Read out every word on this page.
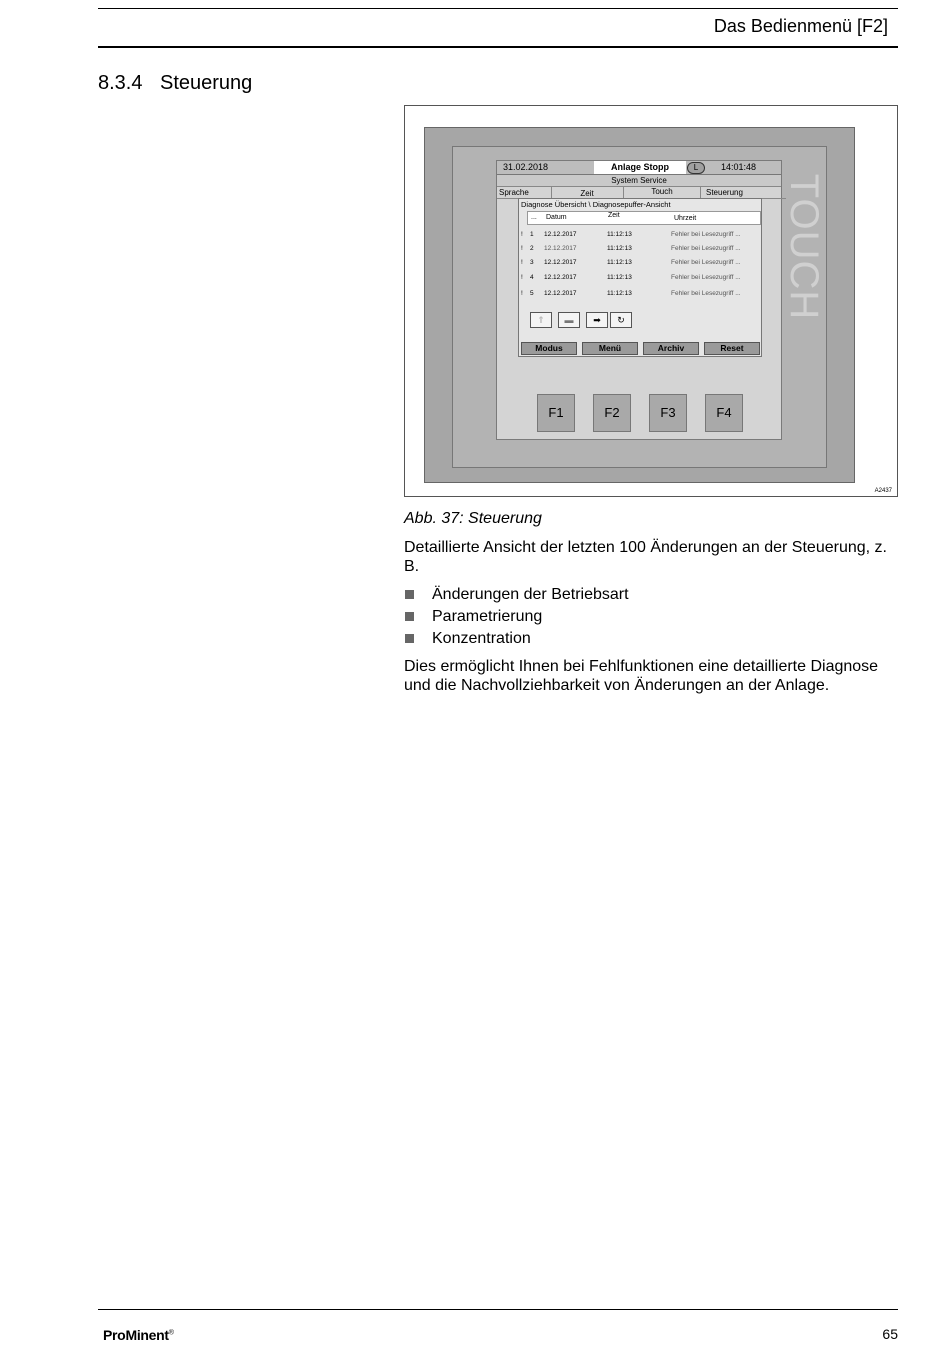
Das Bedienmenü [F2]
8.3.4 Steuerung
31.02.2018	Anlage Stopp	L	14:01:48
System Service
Sprache	Zeit	Touch	Steuerung
Diagnose Übersicht \ Diagnosepuffer-Ansicht
... Datum	Zeit	Uhrzeit
! 1 12.12.2017	11:12:13	Fehler bei Lesezugriff ...
! 2 12.12.2017	11:12:13	Fehler bei Lesezugriff ...
! 3 12.12.2017	11:12:13	Fehler bei Lesezugriff ...
! 4 12.12.2017	11:12:13	Fehler bei Lesezugriff ...
! 5 12.12.2017	11:12:13	Fehler bei Lesezugriff ...
⇑	▬	➡	↻
Modus	Menü	Archiv	Reset
F1	F2	F3	F4
TOUCH
A2437
Abb. 37: Steuerung
Detaillierte Ansicht der letzten 100 Änderungen an der Steuerung, z. B.
Änderungen der Betriebsart
Parametrierung
Konzentration
Dies ermöglicht Ihnen bei Fehlfunktionen eine detaillierte Diagnose und die Nachvollziehbarkeit von Änderungen an der Anlage.
ProMinent®	65
